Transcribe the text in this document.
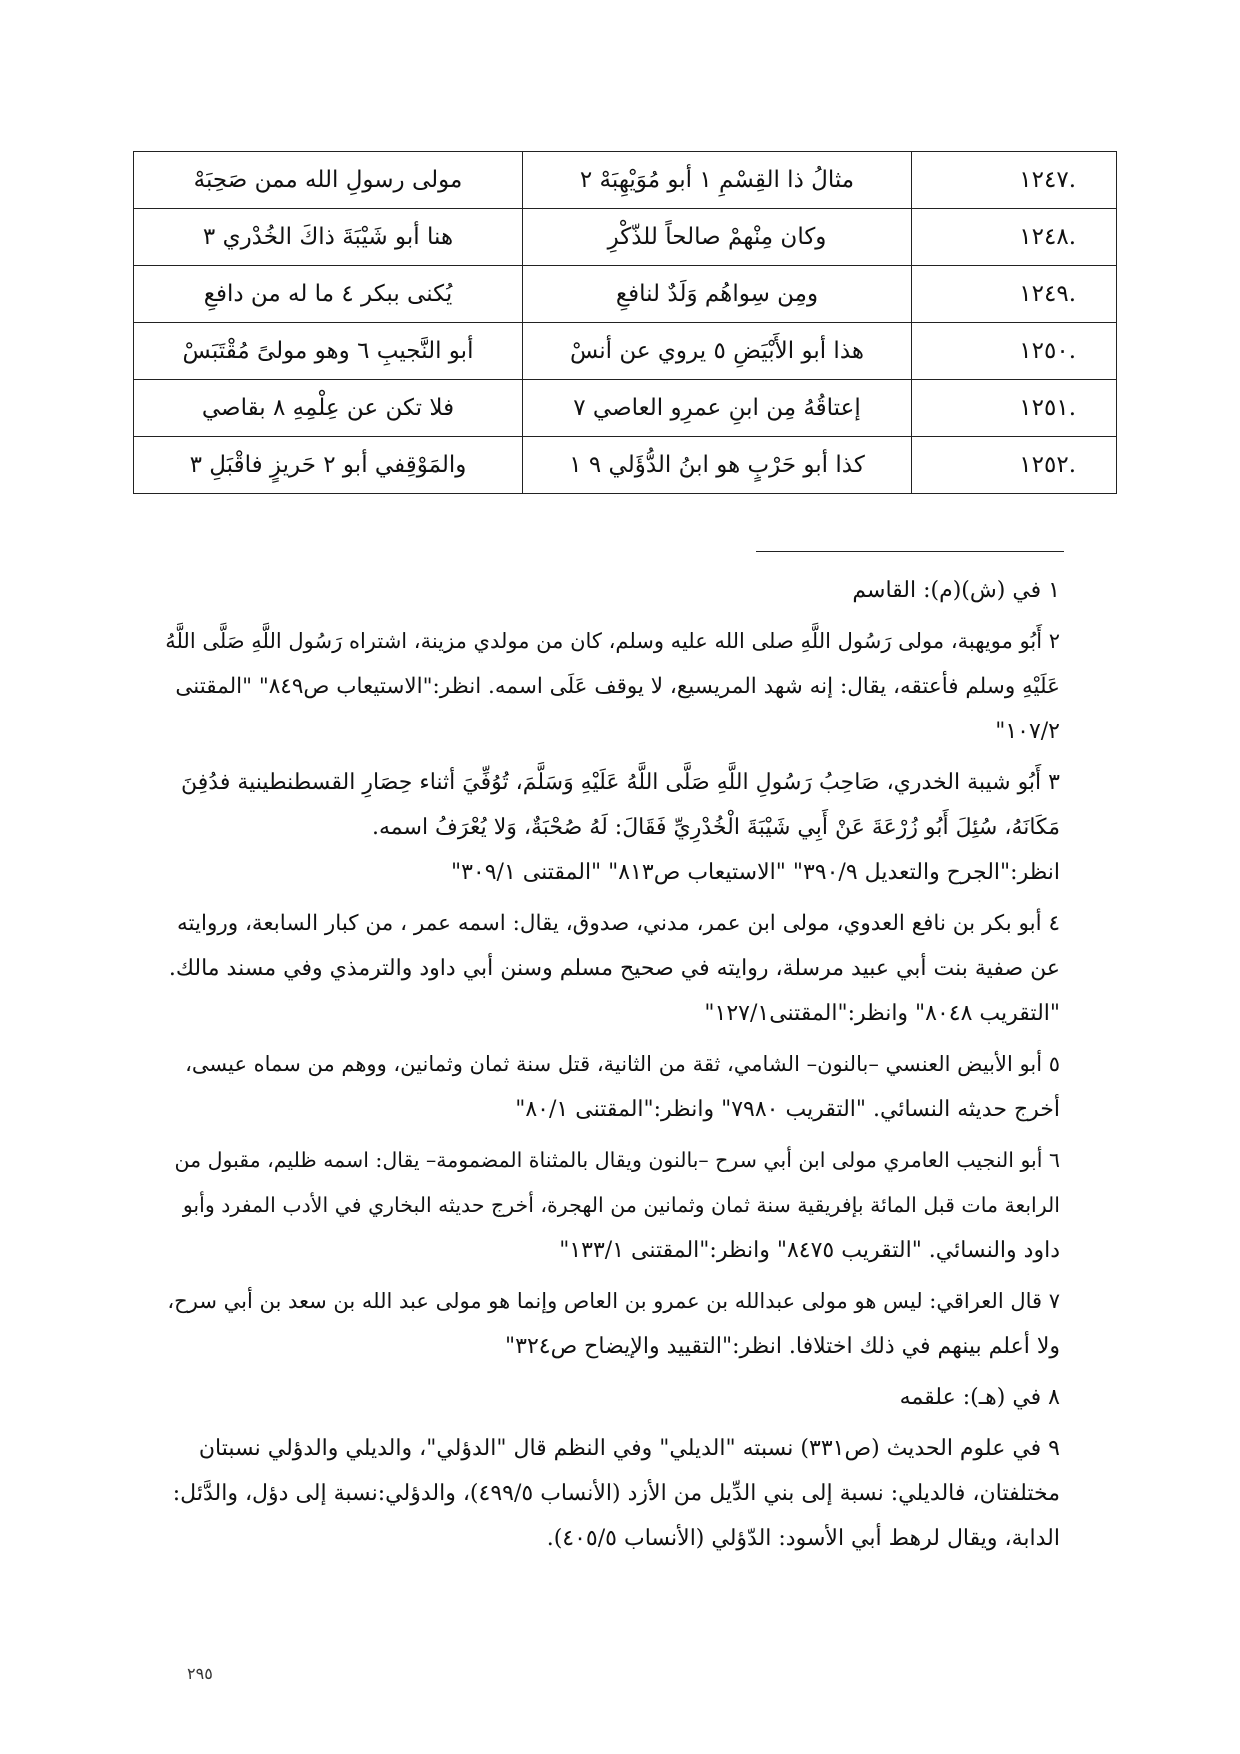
.١٢٤٧	مثالُ ذا القِسْمِ ١ أبو مُوَيْهِبَهْ ٢	مولى رسولِ الله ممن صَحِبَهْ
.١٢٤٨	وكان مِنْهمْ صالحاً للذّكْرِ	هنا أبو شَيْبَةَ ذاكَ الخُدْري ٣
.١٢٤٩	ومِن سِواهُم وَلَدٌ لنافعِ	يُكنى ببكر ٤ ما له من دافعِ
.١٢٥٠	هذا أبو الأَبْيَضِ ٥ يروي عن أنسْ	أبو النَّجيبِ ٦ وهو مولىً مُقْتَبَسْ
.١٢٥١	إعتاقُهُ مِن ابنِ عمرِو العاصي ٧	فلا تكن عن عِلْمِهِ ٨ بقاصي
.١٢٥٢	كذا أبو حَرْبٍ هو ابنُ الدُّؤَلي ٩ ١	والمَوْقِفي أبو ٢ حَريزٍ فاقْبَلِ ٣
١ في (ش)(م): القاسم
٢ أَبُو مويهبة، مولى رَسُول اللَّهِ صلى الله عليه وسلم، كان من مولدي مزينة، اشتراه رَسُول اللَّهِ صَلَّى اللَّهُ
عَلَيْهِ وسلم فأعتقه، يقال: إنه شهد المريسيع، لا يوقف عَلَى اسمه. انظر:"الاستيعاب ص٨٤٩" "المقتنى
١٠٧/٢"
٣ أَبُو شيبة الخدري، صَاحِبُ رَسُولِ اللَّهِ صَلَّى اللَّهُ عَلَيْهِ وَسَلَّمَ، تُوُفِّيَ أثناء حِصَارِ القسطنطينية فدُفِنَ
مَكَانَهُ، سُئِلَ أَبُو زُرْعَةَ عَنْ أَبِي شَيْبَةَ الْخُدْرِيِّ فَقَالَ: لَهُ صُحْبَةٌ، وَلا يُعْرَفُ اسمه.
انظر:"الجرح والتعديل ٣٩٠/٩" "الاستيعاب ص٨١٣" "المقتنى ٣٠٩/١"
٤ أبو بكر بن نافع العدوي، مولى ابن عمر، مدني، صدوق، يقال: اسمه عمر ، من كبار السابعة، وروايته
عن صفية بنت أبي عبيد مرسلة، روايته في صحيح مسلم وسنن أبي داود والترمذي وفي مسند مالك.
"التقريب ٨٠٤٨" وانظر:"المقتنى١٢٧/١"
٥ أبو الأبيض العنسي –بالنون– الشامي، ثقة من الثانية، قتل سنة ثمان وثمانين، ووهم من سماه عيسى،
أخرج حديثه النسائي. "التقريب ٧٩٨٠" وانظر:"المقتنى ٨٠/١"
٦ أبو النجيب العامري مولى ابن أبي سرح –بالنون ويقال بالمثناة المضمومة– يقال: اسمه ظليم، مقبول من
الرابعة مات قبل المائة بإفريقية سنة ثمان وثمانين من الهجرة، أخرج حديثه البخاري في الأدب المفرد وأبو
داود والنسائي. "التقريب ٨٤٧٥" وانظر:"المقتنى ١٣٣/١"
٧ قال العراقي: ليس هو مولى عبدالله بن عمرو بن العاص وإنما هو مولى عبد الله بن سعد بن أبي سرح،
ولا أعلم بينهم في ذلك اختلافا. انظر:"التقييد والإيضاح ص٣٢٤"
٨ في (هـ): علقمه
٩ في علوم الحديث (ص٣٣١) نسبته "الديلي" وفي النظم قال "الدؤلي"، والديلي والدؤلي نسبتان
مختلفتان، فالديلي: نسبة إلى بني الدِّيل من الأزد (الأنساب ٤٩٩/٥)، والدؤلي:نسبة إلى دؤل، والدَّئل:
الدابة، ويقال لرهط أبي الأسود: الدّؤلي (الأنساب ٤٠٥/٥).
٢٩٥
